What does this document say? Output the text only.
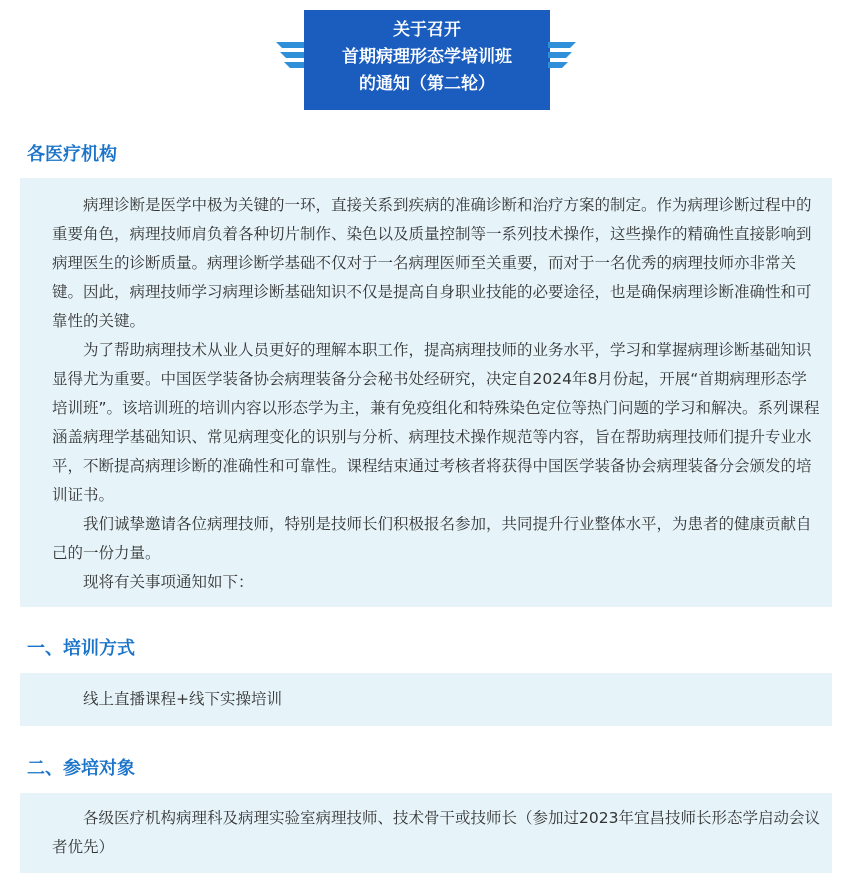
关于召开
首期病理形态学培训班
的通知（第二轮）
各医疗机构

病理诊断是医学中极为关键的一环，直接关系到疾病的准确诊断和治疗方案的制定。作为病理诊断过程中的重要角色，病理技师肩负着各种切片制作、染色以及质量控制等一系列技术操作，这些操作的精确性直接影响到病理医生的诊断质量。病理诊断学基础不仅对于一名病理医师至关重要，而对于一名优秀的病理技师亦非常关键。因此，病理技师学习病理诊断基础知识不仅是提高自身职业技能的必要途径，也是确保病理诊断准确性和可靠性的关键。

为了帮助病理技术从业人员更好的理解本职工作，提高病理技师的业务水平，学习和掌握病理诊断基础知识显得尤为重要。中国医学装备协会病理装备分会秘书处经研究，决定自2024年8月份起，开展“首期病理形态学培训班”。该培训班的培训内容以形态学为主，兼有免疫组化和特殊染色定位等热门问题的学习和解决。系列课程涵盖病理学基础知识、常见病理变化的识别与分析、病理技术操作规范等内容，旨在帮助病理技师们提升专业水平，不断提高病理诊断的准确性和可靠性。课程结束通过考核者将获得中国医学装备协会病理装备分会颁发的培训证书。

我们诚挚邀请各位病理技师，特别是技师长们积极报名参加，共同提升行业整体水平，为患者的健康贡献自己的一份力量。

现将有关事项通知如下：

一、培训方式

线上直播课程+线下实操培训

二、参培对象

各级医疗机构病理科及病理实验室病理技师、技术骨干或技师长（参加过2023年宜昌技师长形态学启动会议者优先）
